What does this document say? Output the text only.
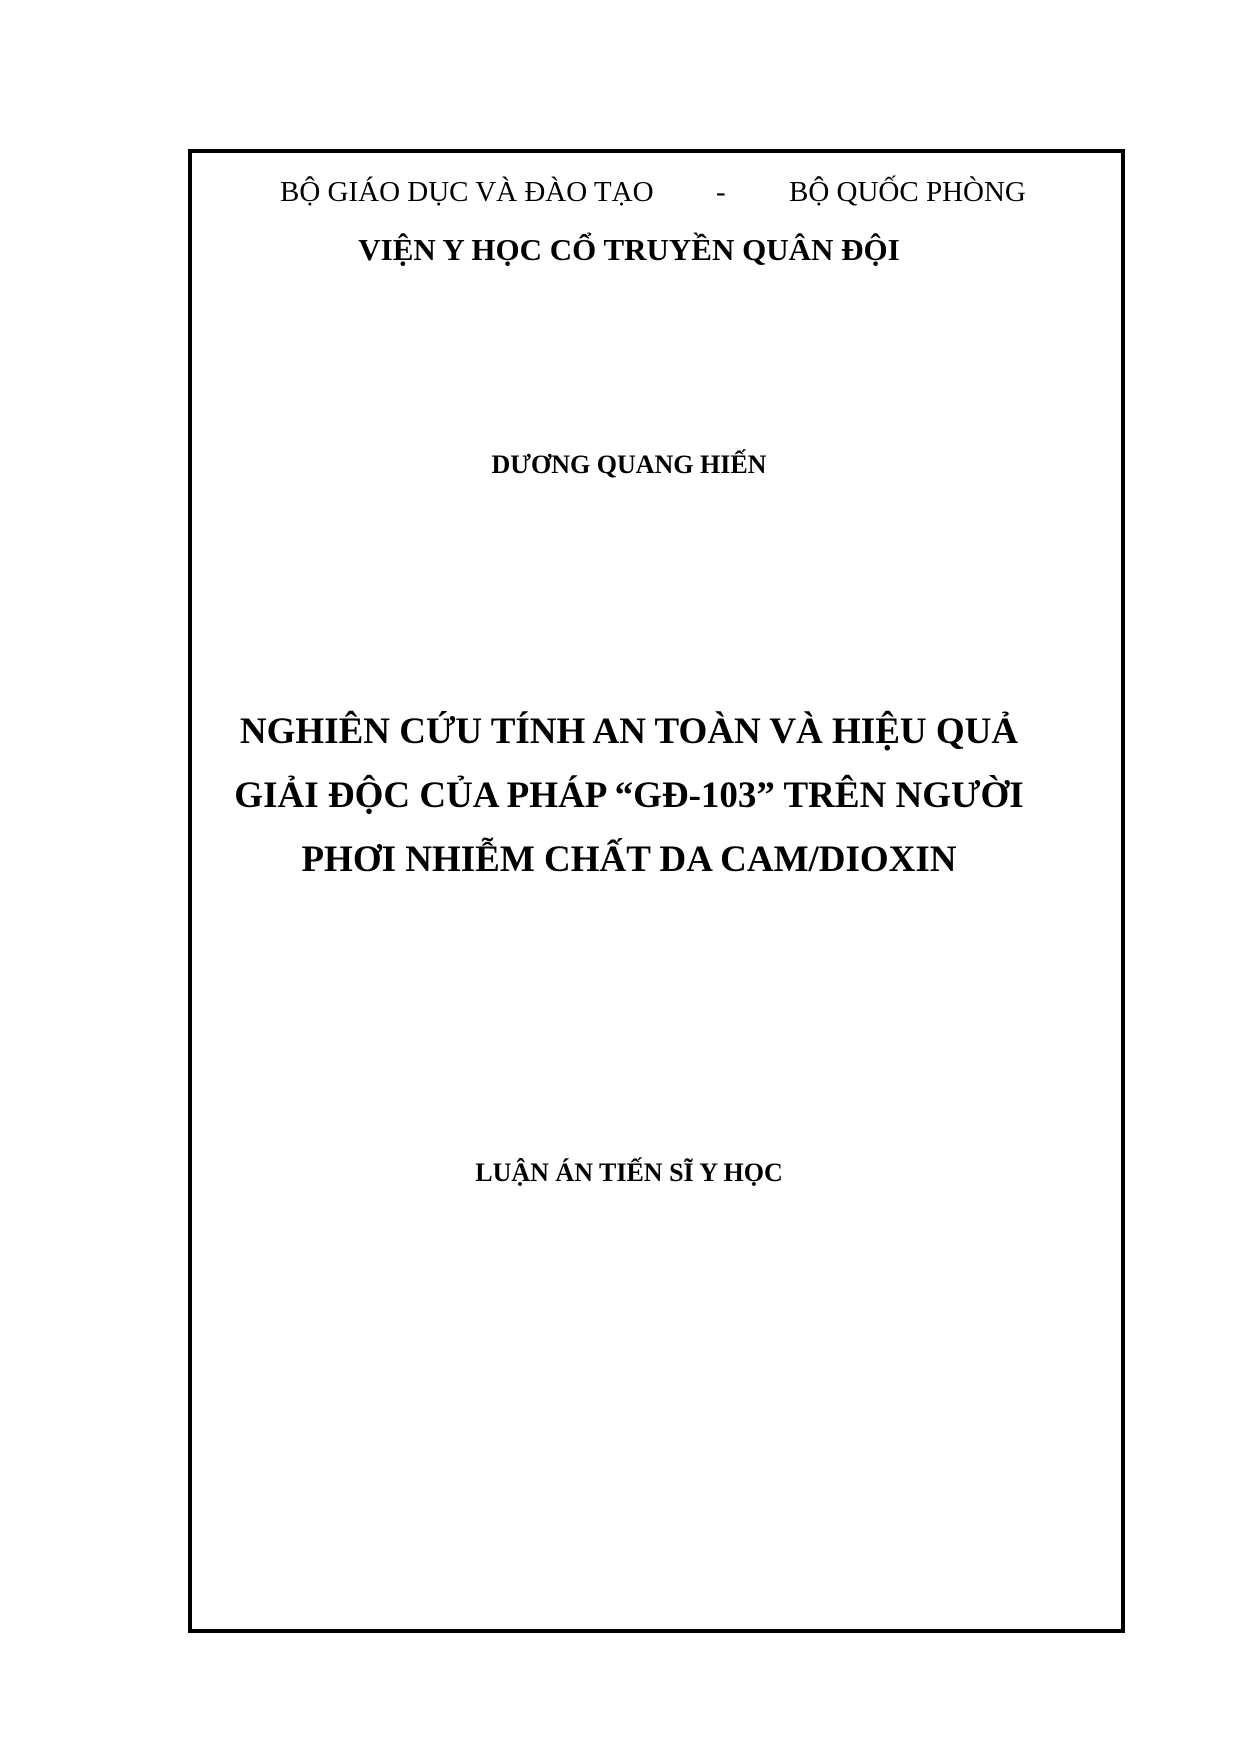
BỘ GIÁO DỤC VÀ ĐÀO TẠO - BỘ QUỐC PHÒNG
VIỆN Y HỌC CỔ TRUYỀN QUÂN ĐỘI
DƯƠNG QUANG HIẾN
NGHIÊN CỨU TÍNH AN TOÀN VÀ HIỆU QUẢ
GIẢI ĐỘC CỦA PHÁP “GĐ-103” TRÊN NGƯỜI
PHƠI NHIỄM CHẤT DA CAM/DIOXIN
LUẬN ÁN TIẾN SĨ Y HỌC
